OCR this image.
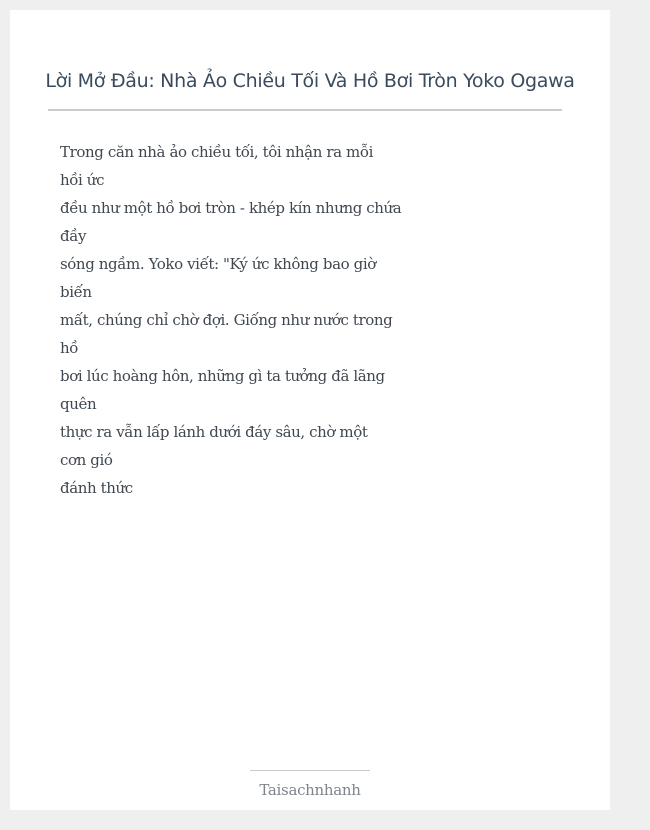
Lời Mở Đầu: Nhà Ảo Chiều Tối Và Hồ Bơi Tròn Yoko Ogawa
Trong căn nhà ảo chiều tối, tôi nhận ra mỗi
hồi ức
đều như một hồ bơi tròn - khép kín nhưng chứa
đầy
sóng ngầm. Yoko viết: "Ký ức không bao giờ
biến
mất, chúng chỉ chờ đợi. Giống như nước trong
hồ
bơi lúc hoàng hôn, những gì ta tưởng đã lãng
quên
thực ra vẫn lấp lánh dưới đáy sâu, chờ một
cơn gió
đánh thức
Taisachnhanh
